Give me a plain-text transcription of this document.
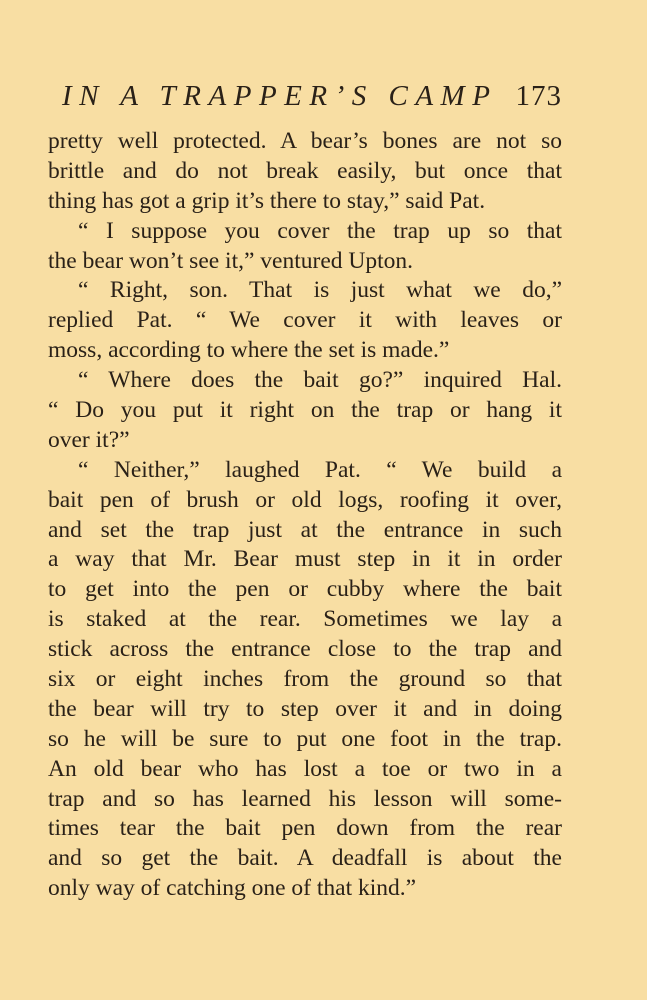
IN A TRAPPER’S CAMP 173
pretty well protected. A bear’s bones are not so
brittle and do not break easily, but once that
thing has got a grip it’s there to stay,” said Pat.
“ I suppose you cover the trap up so that
the bear won’t see it,” ventured Upton.
“ Right, son. That is just what we do,”
replied Pat. “ We cover it with leaves or
moss, according to where the set is made.”
“ Where does the bait go?” inquired Hal.
“ Do you put it right on the trap or hang it
over it?”
“ Neither,” laughed Pat. “ We build a
bait pen of brush or old logs, roofing it over,
and set the trap just at the entrance in such
a way that Mr. Bear must step in it in order
to get into the pen or cubby where the bait
is staked at the rear. Sometimes we lay a
stick across the entrance close to the trap and
six or eight inches from the ground so that
the bear will try to step over it and in doing
so he will be sure to put one foot in the trap.
An old bear who has lost a toe or two in a
trap and so has learned his lesson will some-
times tear the bait pen down from the rear
and so get the bait. A deadfall is about the
only way of catching one of that kind.”
